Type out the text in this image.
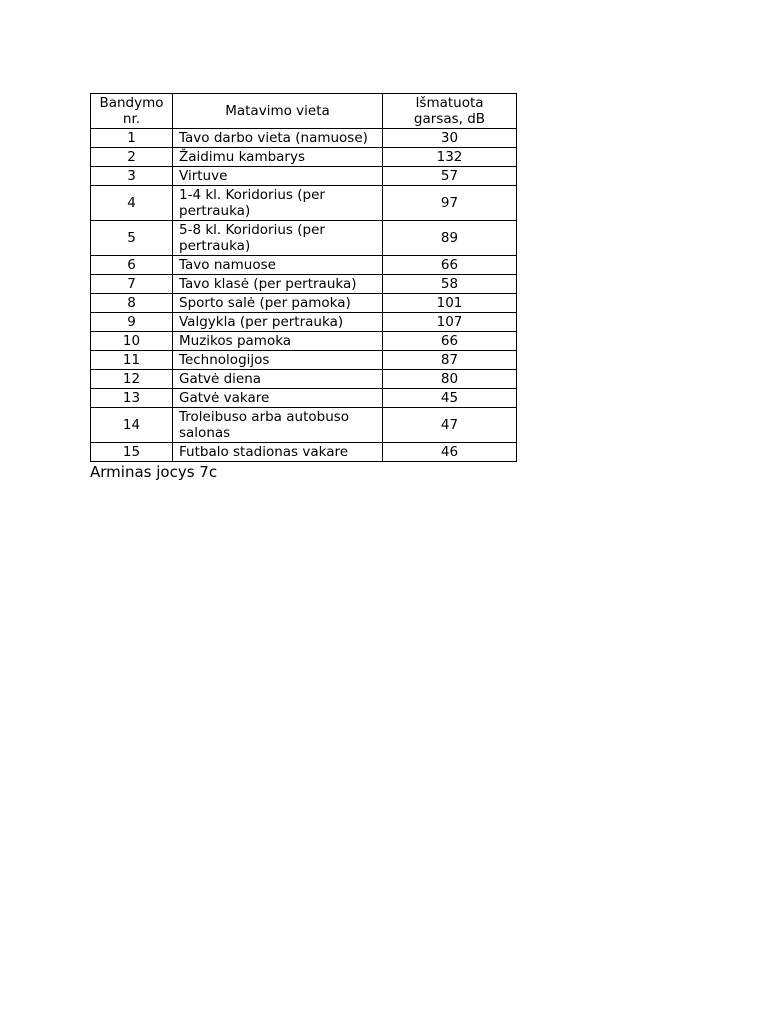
Bandymo nr.	Matavimo vieta	Išmatuota garsas, dB
1	Tavo darbo vieta (namuose)	30
2	Žaidimu kambarys	132
3	Virtuve	57
4	1-4 kl. Koridorius (per pertrauka)	97
5	5-8 kl. Koridorius (per pertrauka)	89
6	Tavo namuose	66
7	Tavo klasė (per pertrauka)	58
8	Sporto salė (per pamoka)	101
9	Valgykla (per pertrauka)	107
10	Muzikos pamoka	66
11	Technologijos	87
12	Gatvė diena	80
13	Gatvė vakare	45
14	Troleibuso arba autobuso salonas	47
15	Futbalo stadionas vakare	46
Arminas jocys 7c
